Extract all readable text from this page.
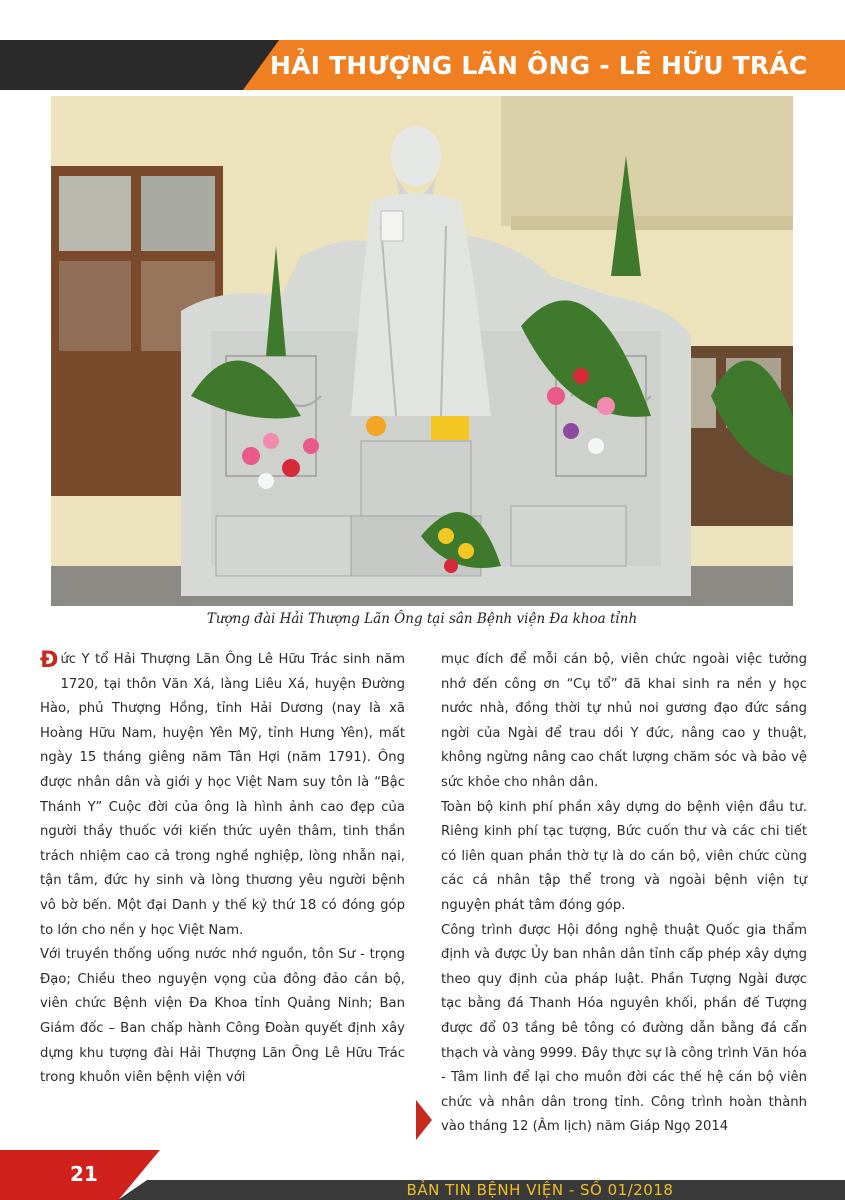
HẢI THƯỢNG LÃN ÔNG - LÊ HỮU TRÁC
Tượng đài Hải Thượng Lãn Ông tại sân Bệnh viện Đa khoa tỉnh

Đức Y tổ Hải Thượng Lãn Ông Lê Hữu Trác sinh năm 1720, tại thôn Văn Xá, làng Liêu Xá, huyện Đường Hào, phủ Thượng Hồng, tỉnh Hải Dương (nay là xã Hoàng Hữu Nam, huyện Yên Mỹ, tỉnh Hưng Yên), mất ngày 15 tháng giêng năm Tân Hợi (năm 1791). Ông được nhân dân và giới y học Việt Nam suy tôn là “Bậc Thánh Y” Cuộc đời của ông là hình ảnh cao đẹp của người thầy thuốc với kiến thức uyên thâm, tinh thần trách nhiệm cao cả trong nghề nghiệp, lòng nhẫn nại, tận tâm, đức hy sinh và lòng thương yêu người bệnh vô bờ bến. Một đại Danh y thế kỷ thứ 18 có đóng góp to lớn cho nền y học Việt Nam.

Với truyền thống uống nước nhớ nguồn, tôn Sư - trọng Đạo; Chiều theo nguyện vọng của đông đảo cán bộ, viên chức Bệnh viện Đa Khoa tỉnh Quảng Ninh; Ban Giám đốc – Ban chấp hành Công Đoàn quyết định xây dựng khu tượng đài Hải Thượng Lãn Ông Lê Hữu Trác trong khuôn viên bệnh viện với

mục đích để mỗi cán bộ, viên chức ngoài việc tưởng nhớ đến công ơn “Cụ tổ” đã khai sinh ra nền y học nước nhà, đồng thời tự nhủ noi gương đạo đức sáng ngời của Ngài để trau dồi Y đức, nâng cao y thuật, không ngừng nâng cao chất lượng chăm sóc và bảo vệ sức khỏe cho nhân dân.

Toàn bộ kinh phí phần xây dựng do bệnh viện đầu tư. Riêng kinh phí tạc tượng, Bức cuốn thư và các chi tiết có liên quan phần thờ tự là do cán bộ, viên chức cùng các cá nhân tập thể trong và ngoài bệnh viện tự nguyện phát tâm đóng góp.

Công trình được Hội đồng nghệ thuật Quốc gia thẩm định và được Ủy ban nhân dân tỉnh cấp phép xây dựng theo quy định của pháp luật. Phần Tượng Ngài được tạc bằng đá Thanh Hóa nguyên khối, phần đế Tượng được đổ 03 tầng bê tông có đường dẫn bằng đá cẩn thạch và vàng 9999. Đây thực sự là công trình Văn hóa - Tâm linh để lại cho muôn đời các thế hệ cán bộ viên chức và nhân dân trong tỉnh. Công trình hoàn thành vào tháng 12 (Âm lịch) năm Giáp Ngọ 2014

21
BẢN TIN BỆNH VIỆN - SỐ 01/2018
